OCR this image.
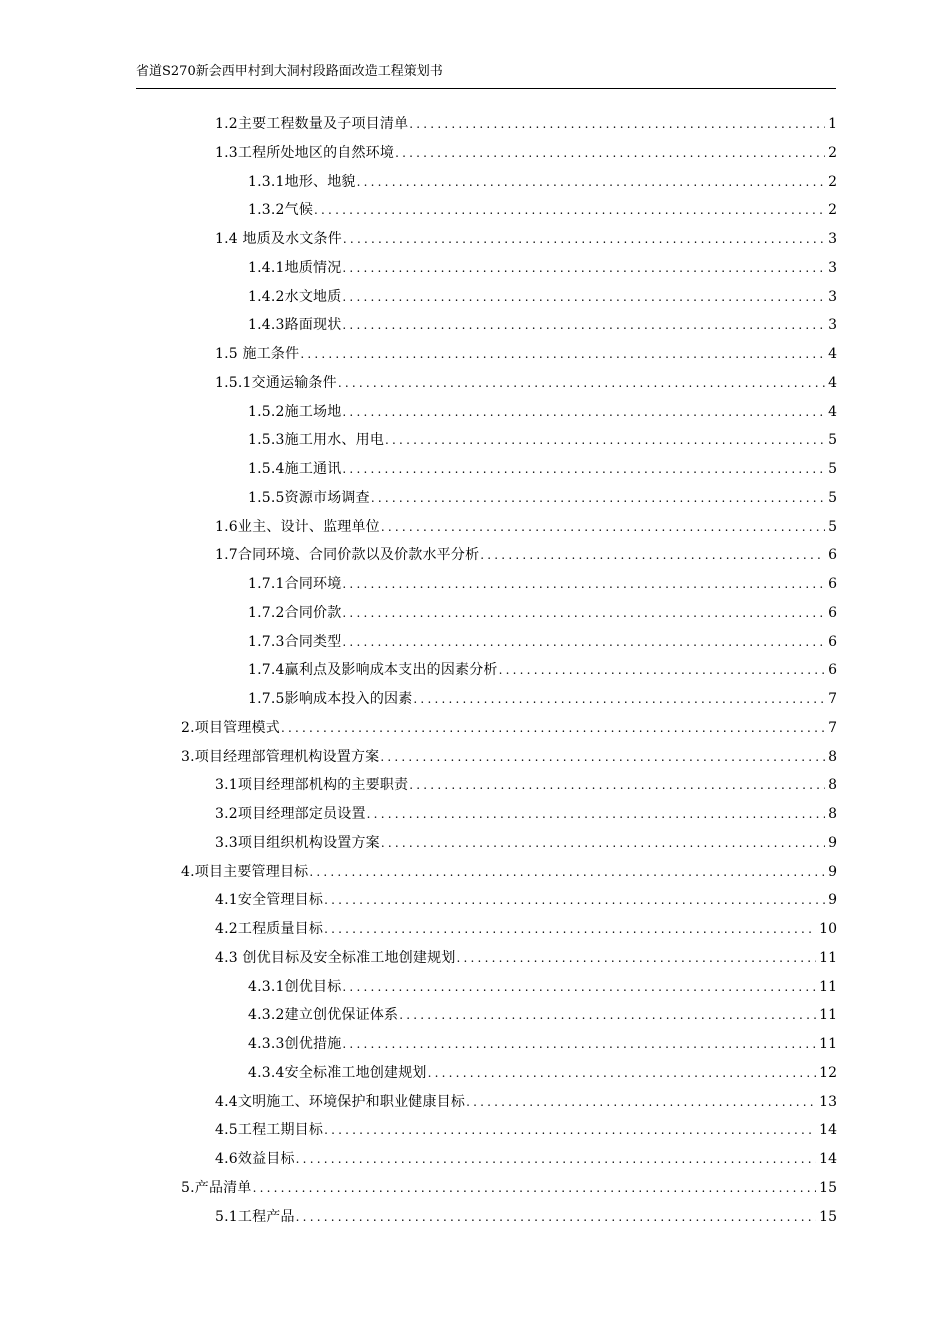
省道S270新会西甲村到大洞村段路面改造工程策划书
1.2主要工程数量及子项目清单 .....	1
1.3工程所处地区的自然环境 .....	2
1.3.1地形、地貌 .....	2
1.3.2气候 .....	2
1.4 地质及水文条件 .....	3
1.4.1地质情况 .....	3
1.4.2水文地质 .....	3
1.4.3路面现状 .....	3
1.5 施工条件 .....	4
1.5.1交通运输条件 .....	4
1.5.2施工场地 .....	4
1.5.3施工用水、用电 .....	5
1.5.4施工通讯 .....	5
1.5.5资源市场调查 .....	5
1.6业主、设计、监理单位 .....	5
1.7合同环境、合同价款以及价款水平分析 .....	6
1.7.1合同环境 .....	6
1.7.2合同价款 .....	6
1.7.3合同类型 .....	6
1.7.4赢利点及影响成本支出的因素分析 .....	6
1.7.5影响成本投入的因素 .....	7
2.项目管理模式 .....	7
3.项目经理部管理机构设置方案 .....	8
3.1项目经理部机构的主要职责 .....	8
3.2项目经理部定员设置 .....	8
3.3项目组织机构设置方案 .....	9
4.项目主要管理目标 .....	9
4.1安全管理目标 .....	9
4.2工程质量目标 .....	10
4.3 创优目标及安全标准工地创建规划 .....	11
4.3.1创优目标 .....	11
4.3.2建立创优保证体系 .....	11
4.3.3创优措施 .....	11
4.3.4安全标准工地创建规划 .....	12
4.4文明施工、环境保护和职业健康目标 .....	13
4.5工程工期目标 .....	14
4.6效益目标 .....	14
5.产品清单 .....	15
5.1工程产品 .....	15
